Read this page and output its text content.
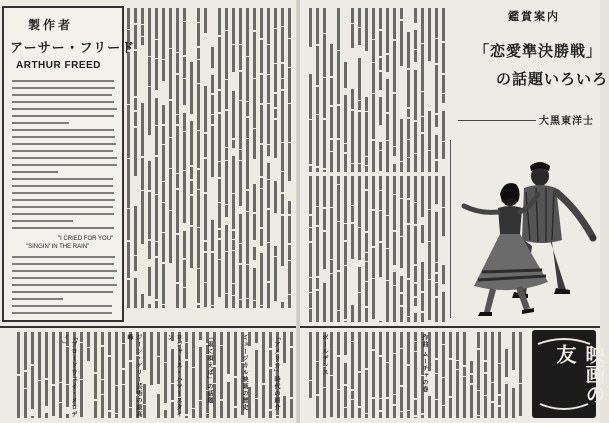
製作者
アーサー・フリード
ARTHUR FREED
"I CRIED FOR YOU"
"SINGIN' IN THE RAIN"
「アメリカ」時代の紹介
ミュージカル映画の歴史
「雨に唄えば」の話題
ロジャース・ハマースタイン
ジーン・ケリー芸術の最高峰
「ブロードウェイ・メロディ」
鑑賞案内
「恋愛準決勝戦」
の話題いろいろ
大黒東洋士
ボールデンス	作曲 ムーチャの巻	映画の友
